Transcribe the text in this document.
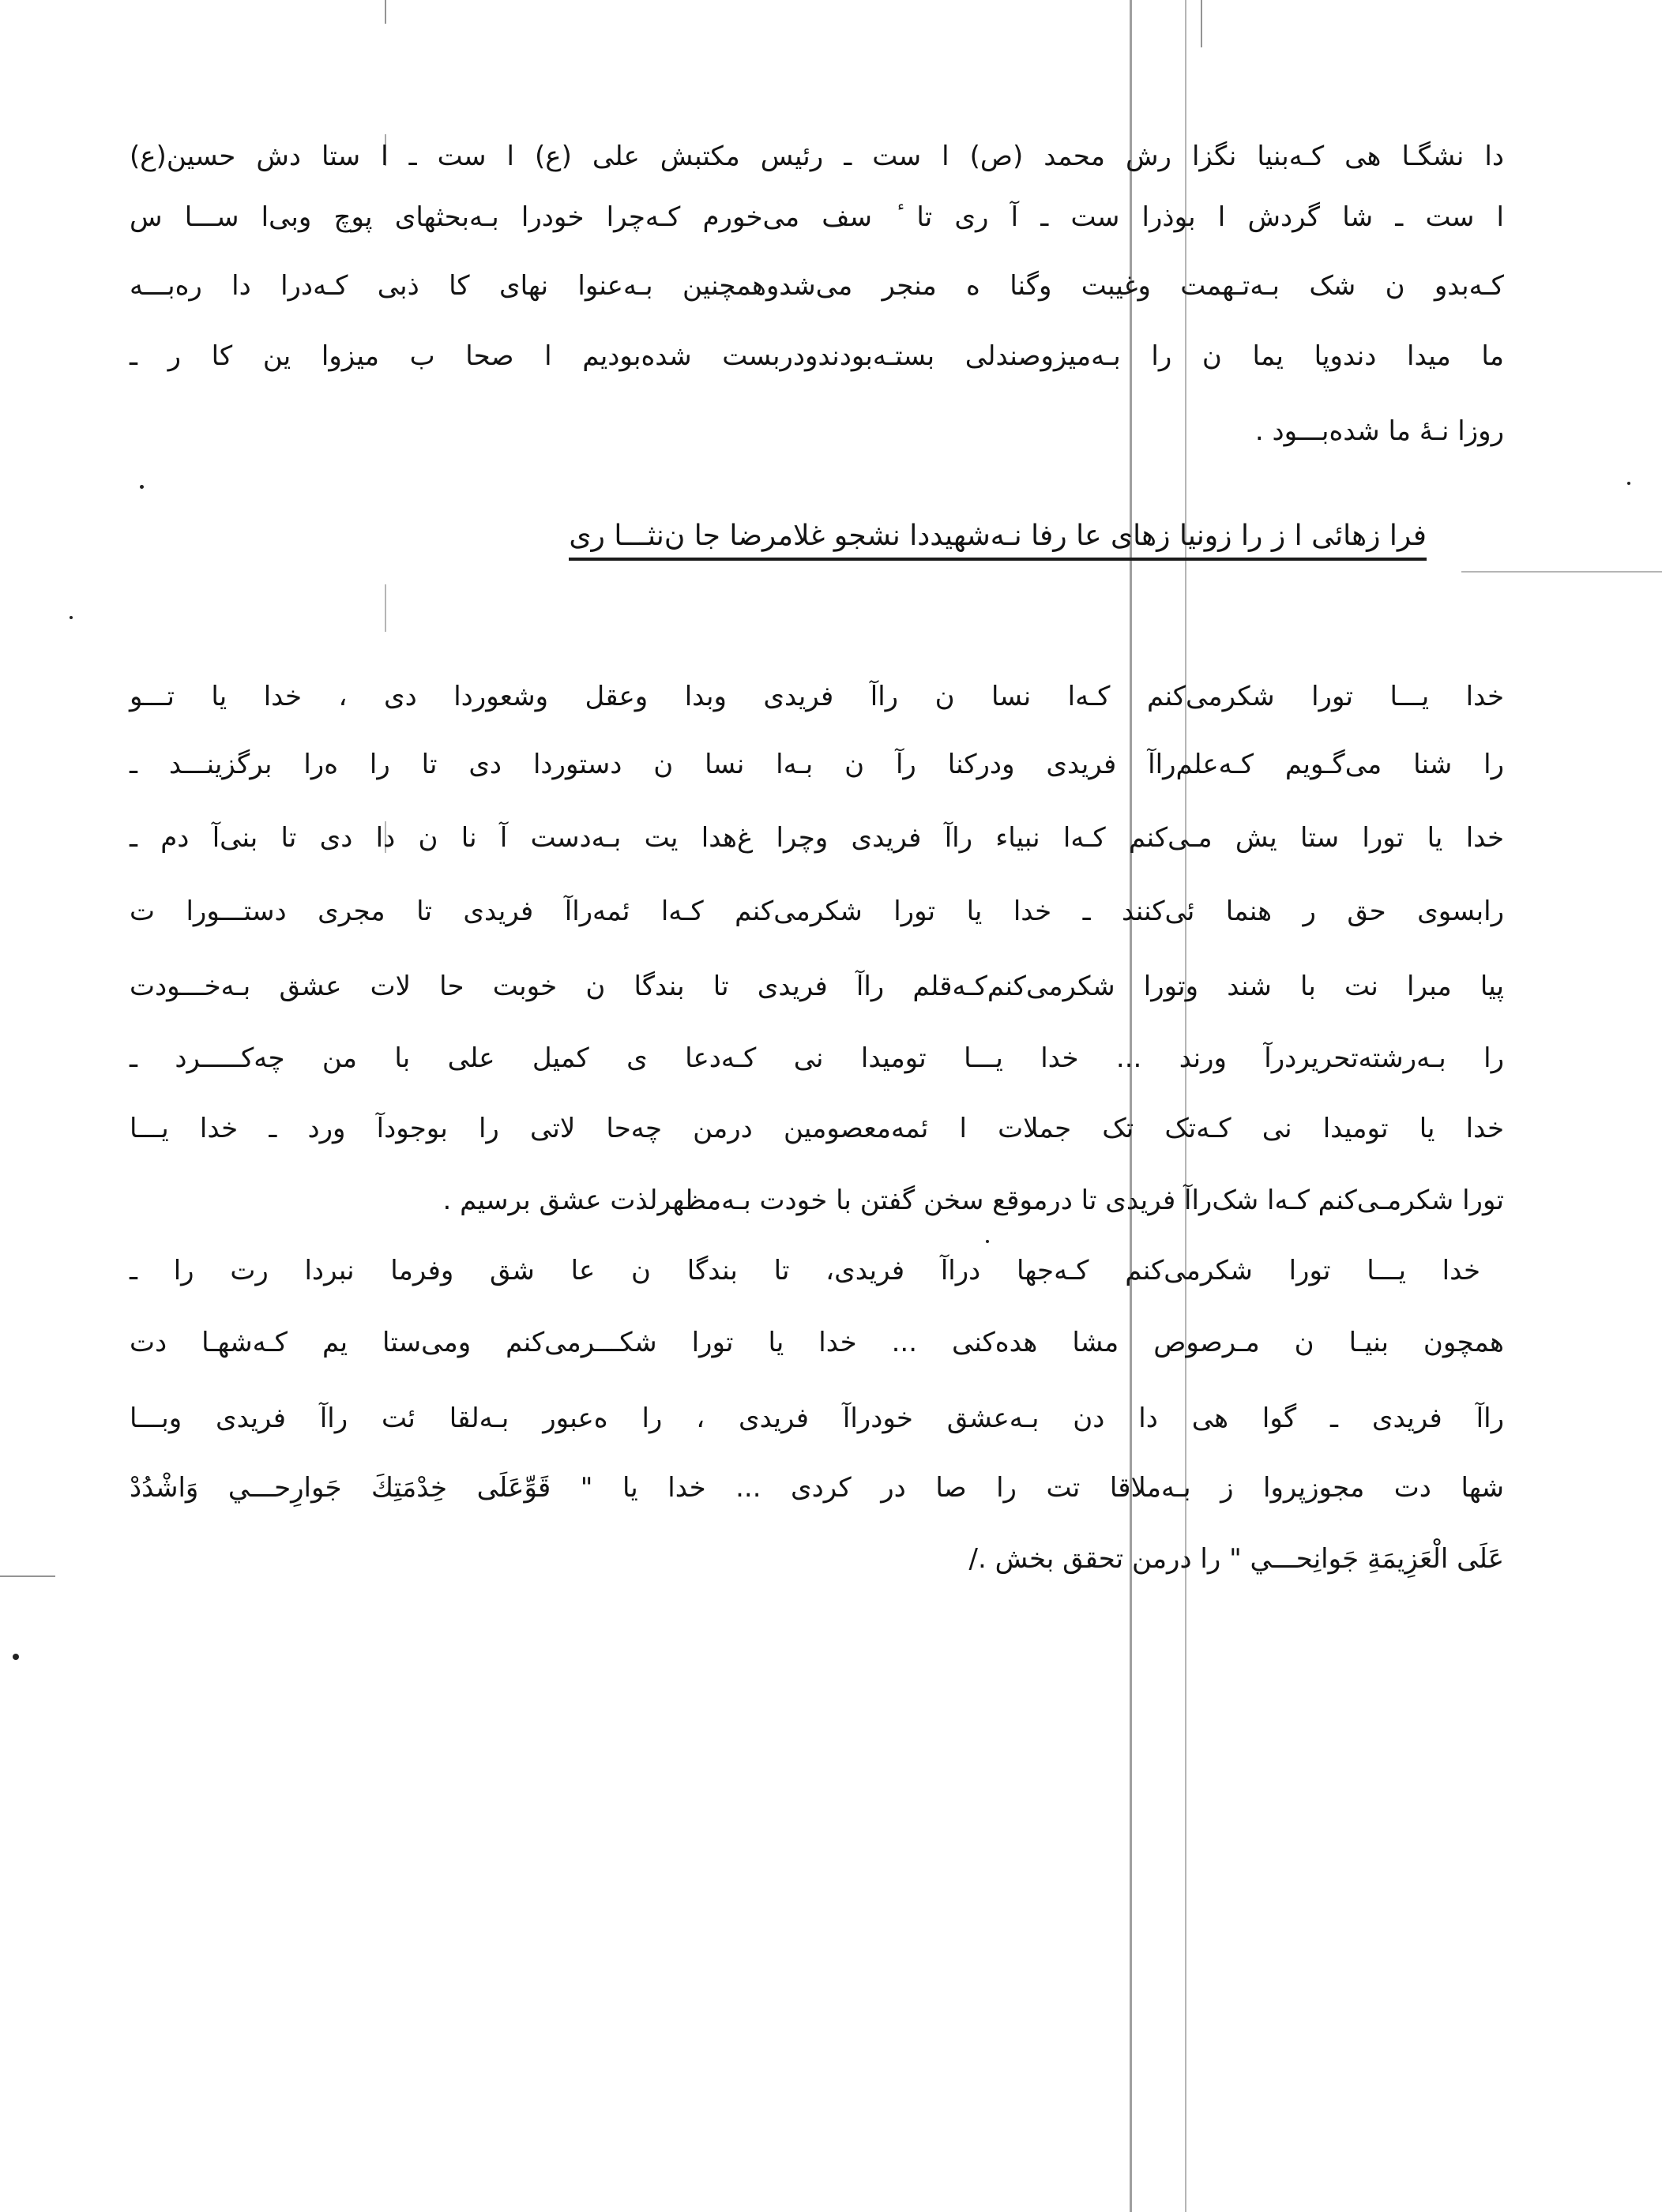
دا نشگـا هی کـه‌بنیا نگزا رش محمد (ص) ا ست ـ رئیس مکتبش علی (ع) ا ست ـ ا ستا دش حسین(ع)
ا ست ـ شا گردش ا بوذرا ست ـ آ ری تا ٔ سف می‌خورم کـه‌چرا خودرا بـه‌بحثهای پوچ وبی‌ا ســـا س
کـه‌بدو ن شک بـه‌تـهمت وغیبت وگنا ه منجر می‌شدوهمچنین بـه‌عنوا نهای کا ذبی کـه‌درا دا ره‌بـــه
ما میدا دندوپا یما ن را بـه‌میزوصندلی بستـه‌بودندودربست شده‌بودیم ا صحا ب میزوا ین کا ر ـ
روزا نـهٔ ما شده‌بـــود .
فرا زهائی ا ز را زونیا زهای عا رفا نـه‌شهیددا نشجو غلامرضا جا ن‌نثـــا ری
خدا یـــا تورا شکرمی‌کنم کـه‌ا نسا ن راآ فریدی وبدا وعقل وشعوردا دی ، خدا یا تـــو
را شنا می‌گـویم کـه‌علم‌راآ فریدی ودرکنا رآ ن بـه‌ا نسا ن دستوردا دی تا را ه‌را برگزینـــد ـ
خدا یا تورا ستا یش مـی‌کنم کـه‌ا نبیاء راآ فریدی وچرا غ‌هدا یت بـه‌دست آ نا ن دا دی تا بنی‌آ دم ـ
رابسوی حق ر هنما ئی‌کنند ـ خدا یا تورا شکرمی‌کنم کـه‌ا ئمه‌راآ فریدی تا مجری دستـــورا ت
پیا مبرا نت با شند وتورا شکرمی‌کنم‌کـه‌قلم راآ فریدی تا بندگا ن خوبت حا لات عشق بـه‌خـــودت
را بـه‌رشته‌تحریردرآ ورند ... خدا یـــا تومیدا نی کـه‌دعا ی کمیل علی با من چه‌کـــــرد ـ
خدا یا تومیدا نی کـه‌تک تک جملات ا ئمه‌معصومین درمن چه‌حا لاتی را بوجودآ ورد ـ خدا یـــا
تورا شکرمـی‌کنم کـه‌ا شک‌راآ فریدی تا درموقع سخن گفتن با خودت بـه‌مظهرلذت عشق برسیم .
خدا یـــا تورا شکرمی‌کنم کـه‌جها دراآ فریدی، تا بندگا ن عا شق وفرما نبردا رت را ـ
همچون بنیـا ن مـرصوص مشا هده‌کنی ... خدا یا تورا شکـــرمی‌کنم ومی‌ستا یم کـه‌شهـا دت
راآ فریدی ـ گوا هی دا دن بـه‌عشق خودراآ فریدی ، را ه‌عبور بـه‌لقا ئت راآ فریدی وبـــا
شها دت مجوزپروا ز بـه‌ملاقا تت را صا در کردی ... خدا یا " قَوِّعَلَى خِدْمَتِكَ جَوارِحـــي وَاشْدُدْ
عَلَى الْعَزِيمَةِ جَوانِحـــي " را درمن تحقق بخش ./
